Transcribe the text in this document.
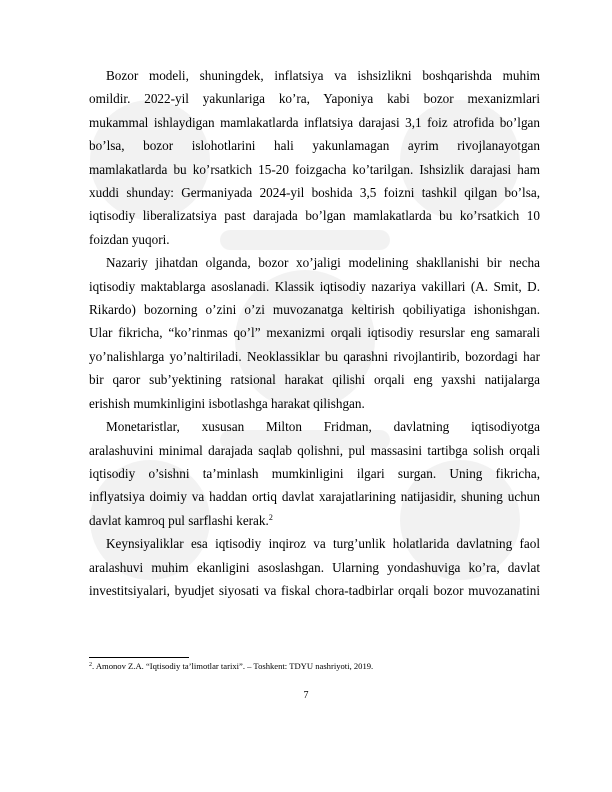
Bozor modeli, shuningdek, inflatsiya va ishsizlikni boshqarishda muhim
omildir. 2022-yil yakunlariga ko’ra, Yaponiya kabi bozor mexanizmlari
mukammal ishlaydigan mamlakatlarda inflatsiya darajasi 3,1 foiz atrofida bo’lgan
bo’lsa, bozor islohotlarini hali yakunlamagan ayrim rivojlanayotgan
mamlakatlarda bu ko’rsatkich 15-20 foizgacha ko’tarilgan. Ishsizlik darajasi ham
xuddi shunday: Germaniyada 2024-yil boshida 3,5 foizni tashkil qilgan bo’lsa,
iqtisodiy liberalizatsiya past darajada bo’lgan mamlakatlarda bu ko’rsatkich 10
foizdan yuqori.

Nazariy jihatdan olganda, bozor xo’jaligi modelining shakllanishi bir necha
iqtisodiy maktablarga asoslanadi. Klassik iqtisodiy nazariya vakillari (A. Smit, D.
Rikardo) bozorning o’zini o’zi muvozanatga keltirish qobiliyatiga ishonishgan.
Ular fikricha, “ko’rinmas qo’l” mexanizmi orqali iqtisodiy resurslar eng samarali
yo’nalishlarga yo’naltiriladi. Neoklassiklar bu qarashni rivojlantirib, bozordagi har
bir qaror sub’yektining ratsional harakat qilishi orqali eng yaxshi natijalarga
erishish mumkinligini isbotlashga harakat qilishgan.

Monetaristlar, xususan Milton Fridman, davlatning iqtisodiyotga
aralashuvini minimal darajada saqlab qolishni, pul massasini tartibga solish orqali
iqtisodiy o’sishni ta’minlash mumkinligini ilgari surgan. Uning fikricha,
inflyatsiya doimiy va haddan ortiq davlat xarajatlarining natijasidir, shuning uchun
davlat kamroq pul sarflashi kerak.$^2$

Keynsiyaliklar esa iqtisodiy inqiroz va turg’unlik holatlarida davlatning faol
aralashuvi muhim ekanligini asoslashgan. Ularning yondashuviga ko’ra, davlat
investitsiyalari, byudjet siyosati va fiskal chora-tadbirlar orqali bozor muvozanatini

$^2$. Amonov Z.A. “Iqtisodiy ta’limotlar tarixi”. – Toshkent: TDYU nashriyoti, 2019.
7
